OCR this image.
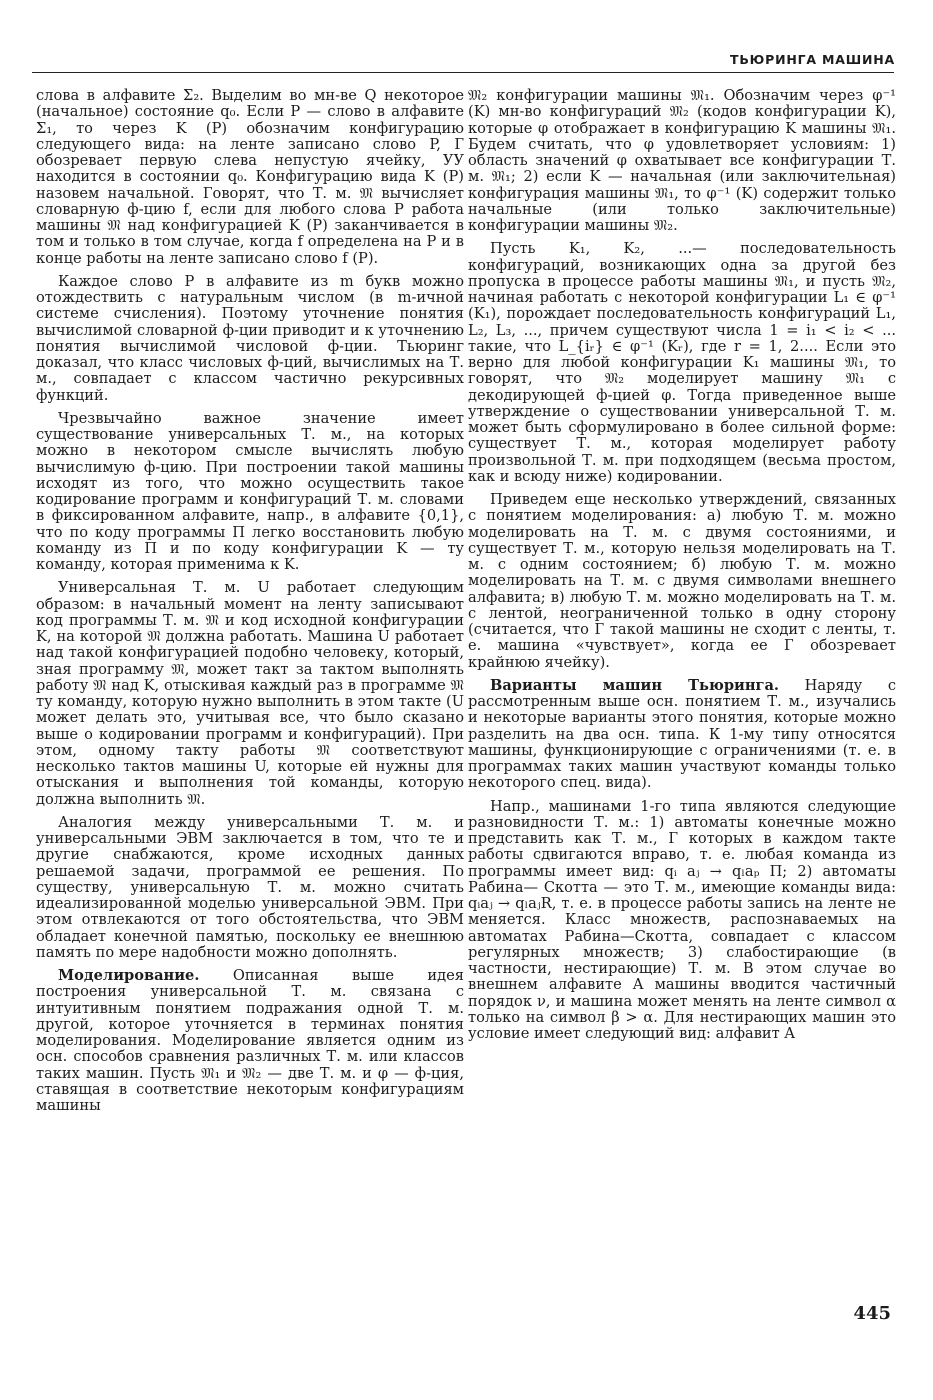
ТЬЮРИНГА МАШИНА

слова в алфавите Σ₂. Выделим во мн-ве Q некоторое (начальное) состояние q₀. Если P — слово в алфавите Σ₁, то через K (P) обозначим конфигурацию следующего вида: на ленте записано слово P, Г обозревает первую слева непустую ячейку, УУ находится в состоянии q₀. Конфигурацию вида K (P) назовем начальной. Говорят, что Т. м. 𝔐 вычисляет словарную ф-цию f, если для любого слова P работа машины 𝔐 над конфигурацией K (P) заканчивается в том и только в том случае, когда f определена на P и в конце работы на ленте записано слово f (P).

Каждое слово P в алфавите из m букв можно отождествить с натуральным числом (в m-ичной системе счисления). Поэтому уточнение понятия вычислимой словарной ф-ции приводит и к уточнению понятия вычислимой числовой ф-ции. Тьюринг доказал, что класс числовых ф-ций, вычислимых на Т. м., совпадает с классом частично рекурсивных функций.

Чрезвычайно важное значение имеет существование универсальных Т. м., на которых можно в некотором смысле вычислять любую вычислимую ф-цию. При построении такой машины исходят из того, что можно осуществить такое кодирование программ и конфигураций Т. м. словами в фиксированном алфавите, напр., в алфавите {0,1}, что по коду программы Π легко восстановить любую команду из Π и по коду конфигурации K — ту команду, которая применима к K.

Универсальная Т. м. U работает следующим образом: в начальный момент на ленту записывают код программы Т. м. 𝔐 и код исходной конфигурации K, на которой 𝔐 должна работать. Машина U работает над такой конфигурацией подобно человеку, который, зная программу 𝔐, может такт за тактом выполнять работу 𝔐 над K, отыскивая каждый раз в программе 𝔐 ту команду, которую нужно выполнить в этом такте (U может делать это, учитывая все, что было сказано выше о кодировании программ и конфигураций). При этом, одному такту работы 𝔐 соответствуют несколько тактов машины U, которые ей нужны для отыскания и выполнения той команды, которую должна выполнить 𝔐.

Аналогия между универсальными Т. м. и универсальными ЭВМ заключается в том, что те и другие снабжаются, кроме исходных данных решаемой задачи, программой ее решения. По существу, универсальную Т. м. можно считать идеализированной моделью универсальной ЭВМ. При этом отвлекаются от того обстоятельства, что ЭВМ обладает конечной памятью, поскольку ее внешнюю память по мере надобности можно дополнять.

Моделирование. Описанная выше идея построения универсальной Т. м. связана с интуитивным понятием подражания одной Т. м. другой, которое уточняется в терминах понятия моделирования. Моделирование является одним из осн. способов сравнения различных Т. м. или классов таких машин. Пусть 𝔐₁ и 𝔐₂ — две Т. м. и φ — ф-ция, ставящая в соответствие некоторым конфигурациям машины

𝔐₂ конфигурации машины 𝔐₁. Обозначим через φ⁻¹ (K) мн-во конфигураций 𝔐₂ (кодов конфигурации K), которые φ отображает в конфигурацию K машины 𝔐₁. Будем считать, что φ удовлетворяет условиям: 1) область значений φ охватывает все конфигурации Т. м. 𝔐₁; 2) если K — начальная (или заключительная) конфигурация машины 𝔐₁, то φ⁻¹ (K) содержит только начальные (или только заключительные) конфигурации машины 𝔐₂.

Пусть K₁, K₂, ...— последовательность конфигураций, возникающих одна за другой без пропуска в процессе работы машины 𝔐₁, и пусть 𝔐₂, начиная работать с некоторой конфигурации L₁ ∈ φ⁻¹ (K₁), порождает последовательность конфигураций L₁, L₂, L₃, ..., причем существуют числа 1 = i₁ < i₂ < ... такие, что L_{iᵣ} ∈ φ⁻¹ (Kᵣ), где r = 1, 2.... Если это верно для любой конфигурации K₁ машины 𝔐₁, то говорят, что 𝔐₂ моделирует машину 𝔐₁ с декодирующей ф-цией φ. Тогда приведенное выше утверждение о существовании универсальной Т. м. может быть сформулировано в более сильной форме: существует Т. м., которая моделирует работу произвольной Т. м. при подходящем (весьма простом, как и всюду ниже) кодировании.

Приведем еще несколько утверждений, связанных с понятием моделирования: а) любую Т. м. можно моделировать на Т. м. с двумя состояниями, и существует Т. м., которую нельзя моделировать на Т. м. с одним состоянием; б) любую Т. м. можно моделировать на Т. м. с двумя символами внешнего алфавита; в) любую Т. м. можно моделировать на Т. м. с лентой, неограниченной только в одну сторону (считается, что Г такой машины не сходит с ленты, т. е. машина «чувствует», когда ее Г обозревает крайнюю ячейку).

Варианты машин Тьюринга. Наряду с рассмотренным выше осн. понятием Т. м., изучались и некоторые варианты этого понятия, которые можно разделить на два осн. типа. К 1-му типу относятся машины, функционирующие с ограничениями (т. е. в программах таких машин участвуют команды только некоторого спец. вида).

Напр., машинами 1-го типа являются следующие разновидности Т. м.: 1) автоматы конечные можно представить как Т. м., Г которых в каждом такте работы сдвигаются вправо, т. е. любая команда из программы имеет вид: qᵢ aⱼ → qₗaₚ П; 2) автоматы Рабина— Скотта — это Т. м., имеющие команды вида: qᵢaⱼ → qₗaⱼR, т. е. в процессе работы запись на ленте не меняется. Класс множеств, распознаваемых на автоматах Рабина—Скотта, совпадает с классом регулярных множеств; 3) слабостирающие (в частности, нестирающие) Т. м. В этом случае во внешнем алфавите A машины вводится частичный порядок ν, и машина может менять на ленте символ α только на символ β > α. Для нестирающих машин это условие имеет следующий вид: алфавит A

445
